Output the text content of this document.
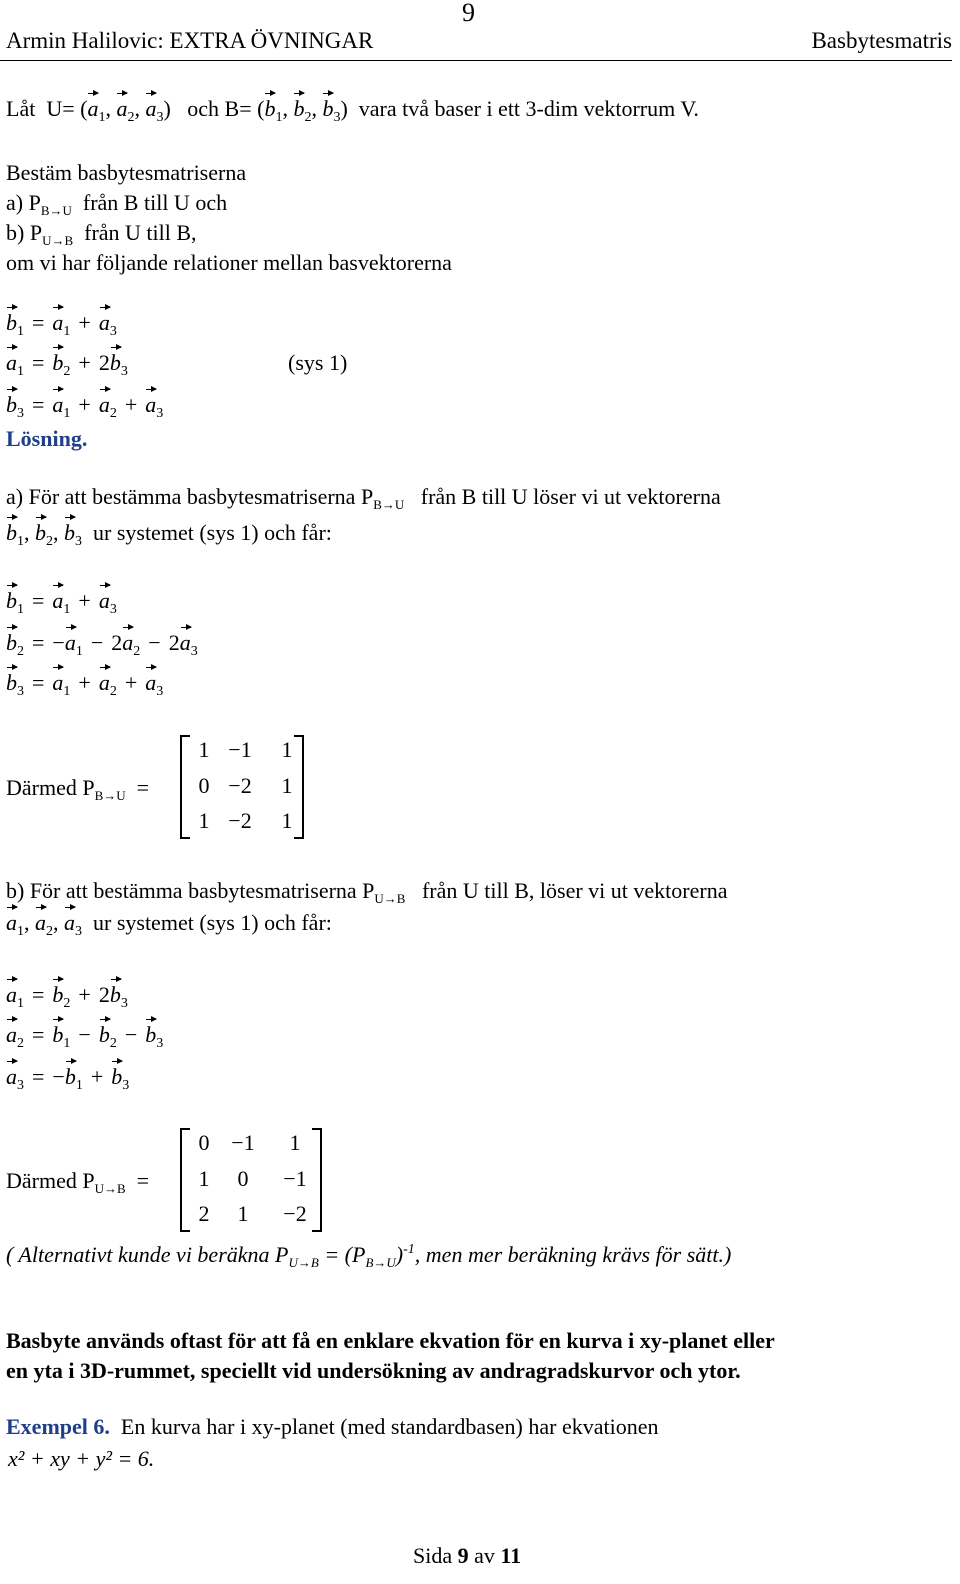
9
Armin Halilovic: EXTRA ÖVNINGAR	Basbytesmatris
Låt $U= (a_1$, $a_2$, $a_3$)   och $B= (b_1$, $b_2$, $b_3$)  vara två baser i ett 3-dim vektorrum V.
Bestäm basbytesmatriserna
a) $P_{B\to U}$ från B till U och
b) $P_{U\to B}$ från U till B,
om vi har följande relationer mellan basvektorerna
$b_1 = a_1 + a_3$
$a_1 = b_2 + 2b_3$	(sys 1)
$b_3 = a_1 + a_2 + a_3$
Lösning.
a) För att bestämma basbytesmatriserna $P_{B\to U}$ från B till U löser vi ut vektorerna
$b_1$, $b_2$, $b_3$ ur systemet (sys 1) och får:
$b_1 = a_1 + a_3$
$b_2 = -a_1 - 2a_2 - 2a_3$
$b_3 = a_1 + a_2 + a_3$
Därmed $P_{B\to U}$ =
1 −1	1
0 −2	1
1 −2	1
b) För att bestämma basbytesmatriserna $P_{U\to B}$ från U till B, löser vi ut vektorerna
$a_1$, $a_2$, $a_3$ ur systemet (sys 1) och får:
$a_1 = b_2 + 2b_3$
$a_2 = b_1 - b_2 - b_3$
$a_3 = -b_1 + b_3$
Därmed $P_{U\to B}$ =
0 −1	1
1	0	−1
2	1	−2
( Alternativt kunde vi beräkna $P_{U\to B} = (P_{B\to U})^{-1}$, men mer beräkning krävs för sätt.)
Basbyte används oftast för att få en enklare ekvation för en kurva i xy-planet eller
en yta i 3D-rummet, speciellt vid undersökning av andragradskurvor och ytor.
Exempel 6. En kurva har i xy-planet (med standardbasen) har ekvationen
x² + xy + y² = 6.
Sida 9 av 11
